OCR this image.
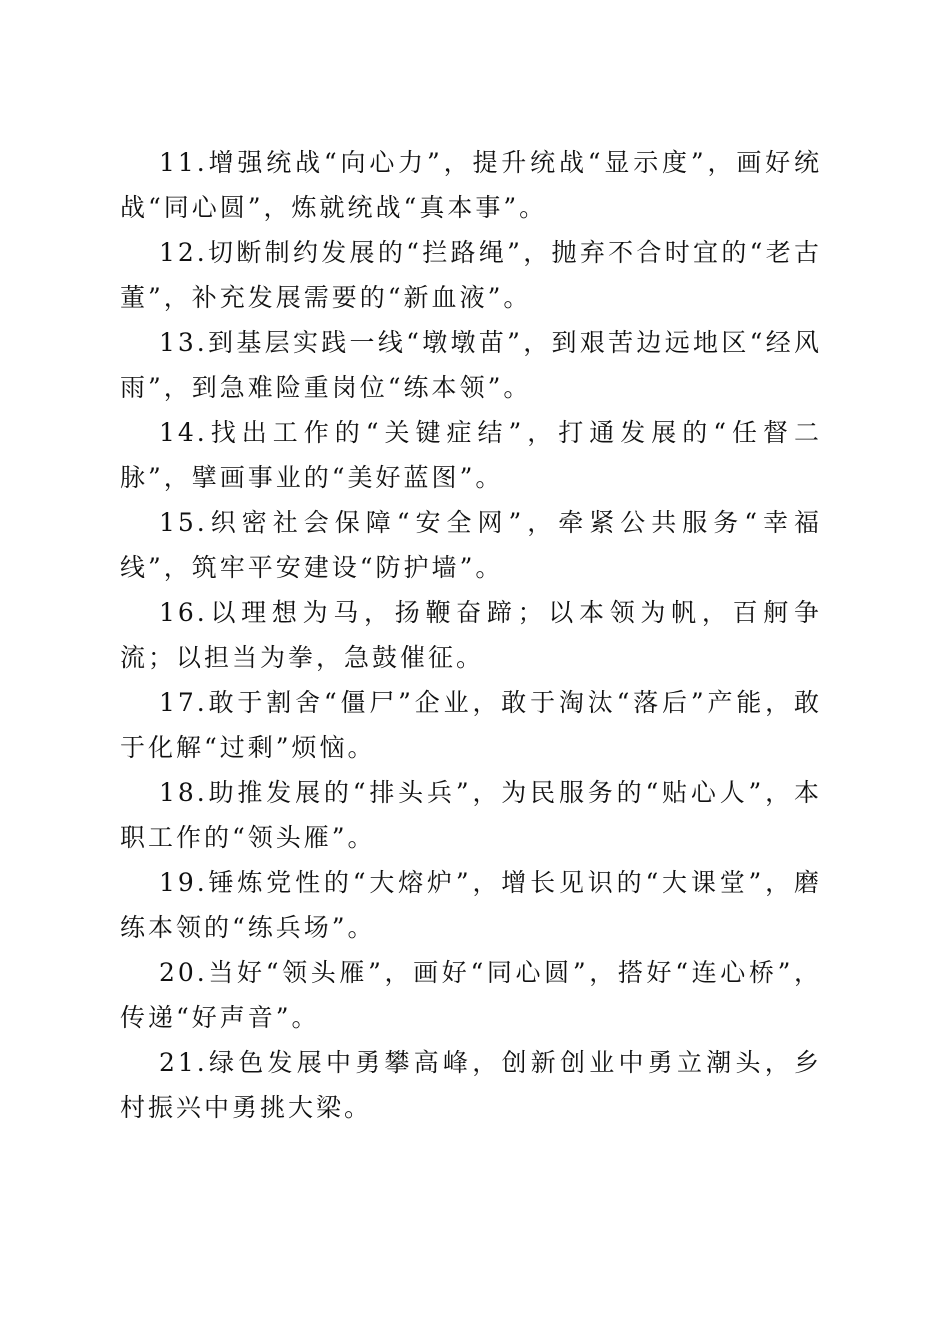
11.增强统战“向心力”，提升统战“显示度”，画好统战“同心圆”，炼就统战“真本事”。

12.切断制约发展的“拦路绳”，抛弃不合时宜的“老古董”，补充发展需要的“新血液”。

13.到基层实践一线“墩墩苗”，到艰苦边远地区“经风雨”，到急难险重岗位“练本领”。

14.找出工作的“关键症结”，打通发展的“任督二脉”，擘画事业的“美好蓝图”。

15.织密社会保障“安全网”，牵紧公共服务“幸福线”，筑牢平安建设“防护墙”。

16.以理想为马，扬鞭奋蹄；以本领为帆，百舸争流；以担当为拳，急鼓催征。

17.敢于割舍“僵尸”企业，敢于淘汰“落后”产能，敢于化解“过剩”烦恼。

18.助推发展的“排头兵”，为民服务的“贴心人”，本职工作的“领头雁”。

19.锤炼党性的“大熔炉”，增长见识的“大课堂”，磨练本领的“练兵场”。

20.当好“领头雁”，画好“同心圆”，搭好“连心桥”，传递“好声音”。

21.绿色发展中勇攀高峰，创新创业中勇立潮头，乡村振兴中勇挑大梁。
